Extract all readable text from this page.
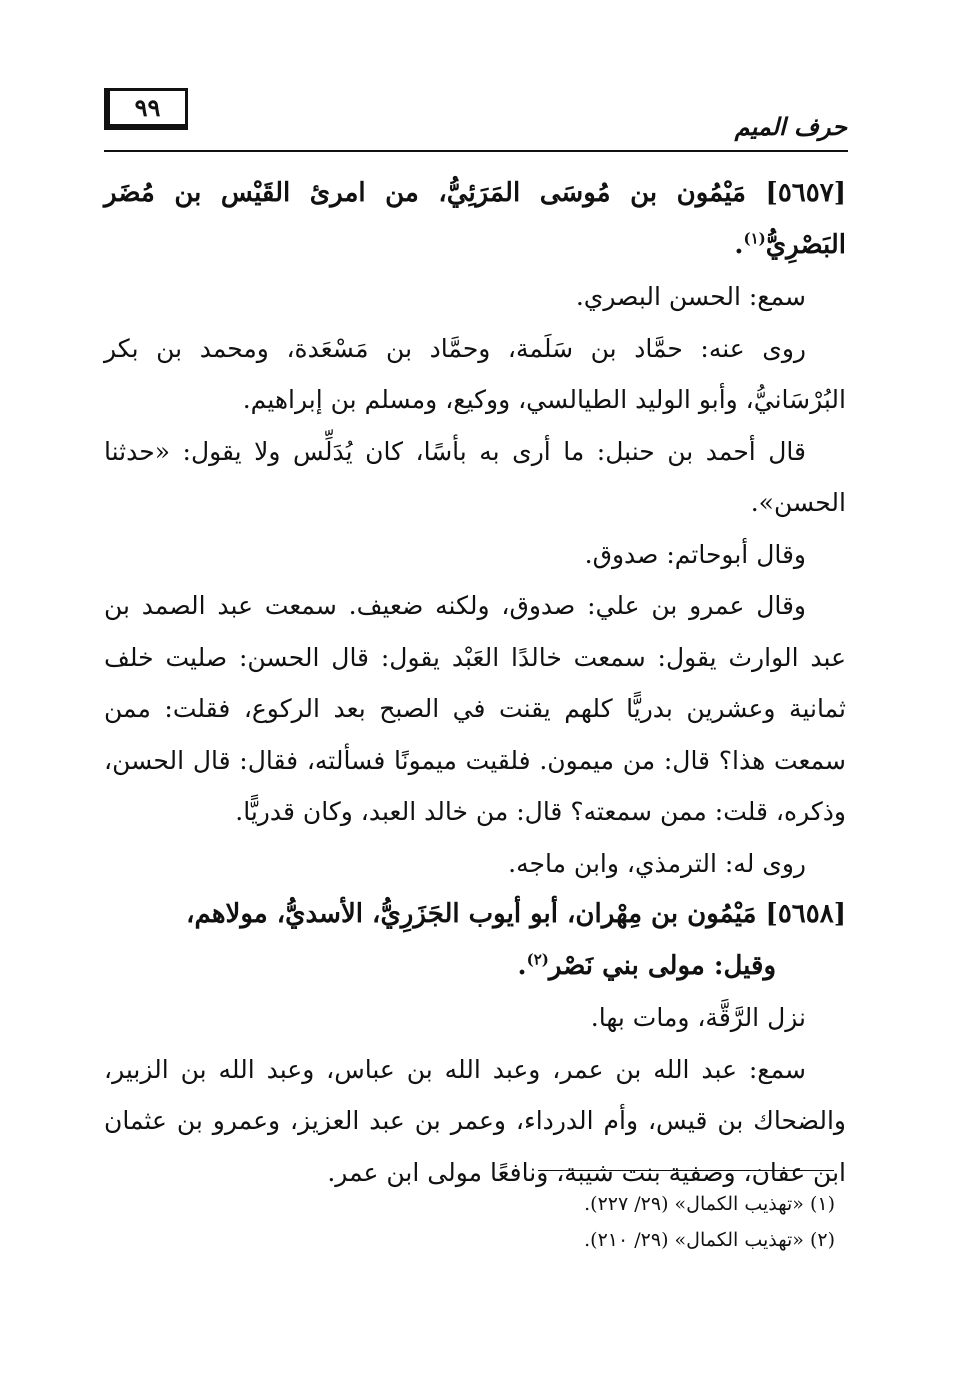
٩٩
حرف الميم

[٥٦٥٧] مَيْمُون بن مُوسَى المَرَئِيُّ، من امرئ القَيْس بن مُضَر البَصْرِيُّ$^{(١)}$.

سمع: الحسن البصري.

روى عنه: حمَّاد بن سَلَمة، وحمَّاد بن مَسْعَدة، ومحمد بن بكر البُرْسَانيُّ، وأبو الوليد الطيالسي، ووكيع، ومسلم بن إبراهيم.

قال أحمد بن حنبل: ما أرى به بأسًا، كان يُدَلِّس ولا يقول: «حدثنا الحسن».

وقال أبوحاتم: صدوق.

وقال عمرو بن علي: صدوق، ولكنه ضعيف. سمعت عبد الصمد بن عبد الوارث يقول: سمعت خالدًا العَبْد يقول: قال الحسن: صليت خلف ثمانية وعشرين بدريًّا كلهم يقنت في الصبح بعد الركوع، فقلت: ممن سمعت هذا؟ قال: من ميمون. فلقيت ميمونًا فسألته، فقال: قال الحسن، وذكره، قلت: ممن سمعته؟ قال: من خالد العبد، وكان قدريًّا.

روى له: الترمذي، وابن ماجه.

[٥٦٥٨] مَيْمُون بن مِهْران، أبو أيوب الجَزَرِيُّ، الأسديُّ، مولاهم،
وقيل: مولى بني نَصْر$^{(٢)}$.

نزل الرَّقَّة، ومات بها.

سمع: عبد الله بن عمر، وعبد الله بن عباس، وعبد الله بن الزبير، والضحاك بن قيس، وأم الدرداء، وعمر بن عبد العزيز، وعمرو بن عثمان ابن عفان، وصفية بنت شيبة، ونافعًا مولى ابن عمر.

(١) «تهذيب الكمال» (٢٩/ ٢٢٧).

(٢) «تهذيب الكمال» (٢٩/ ٢١٠).
